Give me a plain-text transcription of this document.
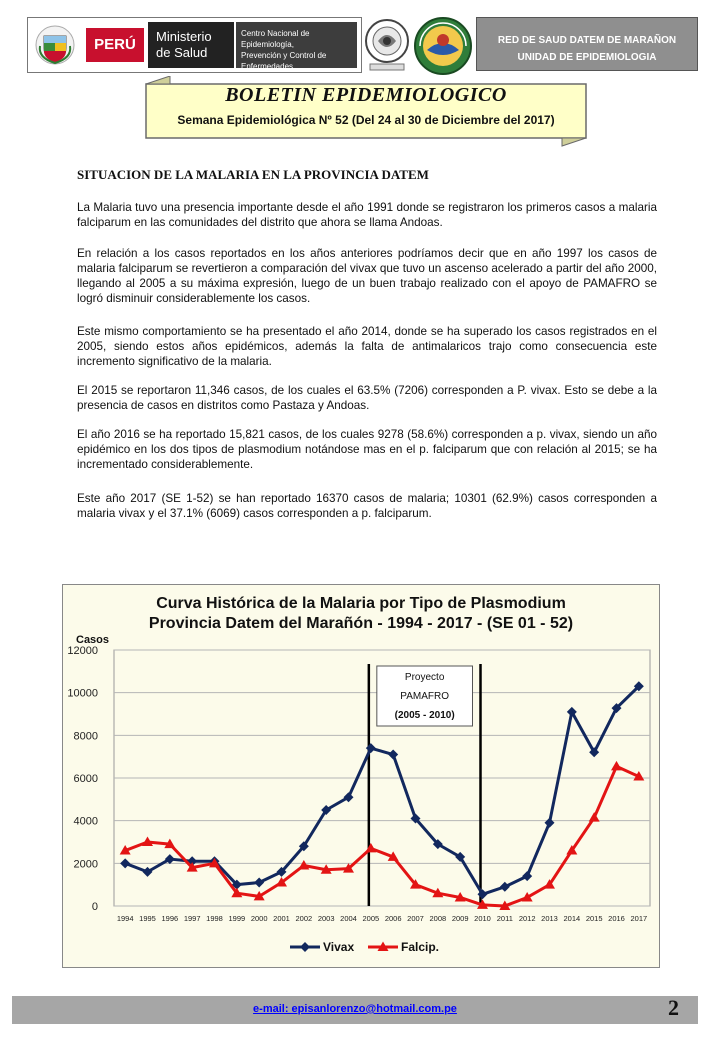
PERÚ	Ministerio
de Salud
Centro Nacional de Epidemiología,
Prevención y Control de
Enfermedades
RED DE SAUD DATEM DE MARAÑON
UNIDAD DE EPIDEMIOLOGIA
BOLETIN EPIDEMIOLOGICO
Semana Epidemiológica Nº 52 (Del 24 al 30 de Diciembre del 2017)
SITUACION DE LA MALARIA EN LA PROVINCIA DATEM
La Malaria tuvo una presencia importante desde el año 1991 donde se registraron los primeros casos a malaria falciparum en las comunidades del distrito que ahora se llama Andoas.
En relación a los casos reportados en los años anteriores podríamos decir que en año 1997 los casos de malaria falciparum se revertieron a comparación del vivax que tuvo un ascenso acelerado a partir del año 2000, llegando al 2005 a su máxima expresión, luego de un buen trabajo realizado con el apoyo de PAMAFRO se logró disminuir considerablemente los casos.
Este mismo comportamiento se ha presentado el año 2014, donde se ha superado los casos registrados en el 2005, siendo estos años epidémicos, además la falta de antimalaricos trajo como consecuencia este incremento significativo de la malaria.
El 2015 se reportaron 11,346 casos, de los cuales el 63.5% (7206) corresponden a P. vivax. Esto se debe a la presencia de casos en distritos como Pastaza y Andoas.
El año 2016 se ha reportado 15,821 casos, de los cuales 9278 (58.6%) corresponden a p. vivax, siendo un año epidémico en los dos tipos de plasmodium notándose mas en el p. falciparum que con relación al 2015; se ha incrementado considerablemente.
Este año 2017 (SE 1-52) se han reportado 16370 casos de malaria; 10301 (62.9%) casos corresponden a malaria vivax y el 37.1% (6069) casos corresponden a p. falciparum.
Curva Histórica de la Malaria por Tipo de Plasmodium
Provincia Datem del Marañón - 1994 - 2017 - (SE 01 - 52)
Casos
Proyecto
PAMAFRO
(2005 - 2010)
0
2000
4000
6000
8000
10000
12000
1994 1995 1996 1997 1998 1999 2000 2001 2002 2003 2004 2005 2006 2007 2008 2009 2010 2011 2012 2013 2014 2015 2016 2017
Vivax	Falcip.
e-mail: episanlorenzo@hotmail.com.pe	2
